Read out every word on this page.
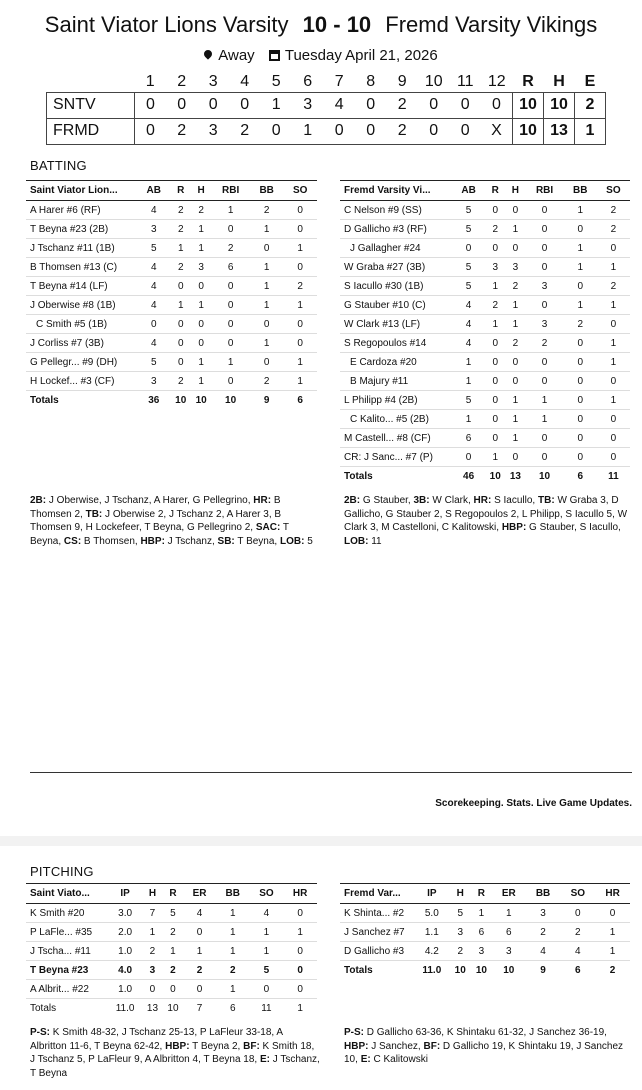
Saint Viator Lions Varsity 10 - 10 Fremd Varsity Vikings
Away Tuesday April 21, 2026
	1	2	3	4	5	6	7	8	9	10	11	12	R	H	E
SNTV	0	0	0	0	1	3	4	0	2	0	0	0	10	10	2
FRMD	0	2	3	2	0	1	0	0	2	0	0	X	10	13	1
BATTING
Saint Viator Lion...	AB	R	H	RBI	BB	SO
A Harer #6 (RF)	4	2	2	1	2	0
T Beyna #23 (2B)	3	2	1	0	1	0
J Tschanz #11 (1B)	5	1	1	2	0	1
B Thomsen #13 (C)	4	2	3	6	1	0
T Beyna #14 (LF)	4	0	0	0	1	2
J Oberwise #8 (1B)	4	1	1	0	1	1
C Smith #5 (1B)	0	0	0	0	0	0
J Corliss #7 (3B)	4	0	0	0	1	0
G Pellegr... #9 (DH)	5	0	1	1	0	1
H Lockef... #3 (CF)	3	2	1	0	2	1
Totals	36	10	10	10	9	6
Fremd Varsity Vi...	AB	R	H	RBI	BB	SO
C Nelson #9 (SS)	5	0	0	0	1	2
D Gallicho #3 (RF)	5	2	1	0	0	2
J Gallagher #24	0	0	0	0	1	0
W Graba #27 (3B)	5	3	3	0	1	1
S Iacullo #30 (1B)	5	1	2	3	0	2
G Stauber #10 (C)	4	2	1	0	1	1
W Clark #13 (LF)	4	1	1	3	2	0
S Regopoulos #14	4	0	2	2	0	1
E Cardoza #20	1	0	0	0	0	1
B Majury #11	1	0	0	0	0	0
L Philipp #4 (2B)	5	0	1	1	0	1
C Kalito... #5 (2B)	1	0	1	1	0	0
M Castell... #8 (CF)	6	0	1	0	0	0
CR: J Sanc... #7 (P)	0	1	0	0	0	0
Totals	46	10	13	10	6	11
2B: J Oberwise, J Tschanz, A Harer, G Pellegrino, HR: B Thomsen 2, TB: J Oberwise 2, J Tschanz 2, A Harer 3, B Thomsen 9, H Lockefeer, T Beyna, G Pellegrino 2, SAC: T Beyna, CS: B Thomsen, HBP: J Tschanz, SB: T Beyna, LOB: 5
2B: G Stauber, 3B: W Clark, HR: S Iacullo, TB: W Graba 3, D Gallicho, G Stauber 2, S Regopoulos 2, L Philipp, S Iacullo 5, W Clark 3, M Castelloni, C Kalitowski, HBP: G Stauber, S Iacullo, LOB: 11
Scorekeeping. Stats. Live Game Updates.
PITCHING
Saint Viato...	IP	H	R	ER	BB	SO	HR
K Smith #20	3.0	7	5	4	1	4	0
P LaFle... #35	2.0	1	2	0	1	1	1
J Tscha... #11	1.0	2	1	1	1	1	0
T Beyna #23	4.0	3	2	2	2	5	0
A Albrit... #22	1.0	0	0	0	1	0	0
Totals	11.0	13	10	7	6	11	1
Fremd Var...	IP	H	R	ER	BB	SO	HR
K Shinta... #2	5.0	5	1	1	3	0	0
J Sanchez #7	1.1	3	6	6	2	2	1
D Gallicho #3	4.2	2	3	3	4	4	1
Totals	11.0	10	10	10	9	6	2
P-S: K Smith 48-32, J Tschanz 25-13, P LaFleur 33-18, A Albritton 11-6, T Beyna 62-42, HBP: T Beyna 2, BF: K Smith 18, J Tschanz 5, P LaFleur 9, A Albritton 4, T Beyna 18, E: J Tschanz, T Beyna
P-S: D Gallicho 63-36, K Shintaku 61-32, J Sanchez 36-19, HBP: J Sanchez, BF: D Gallicho 19, K Shintaku 19, J Sanchez 10, E: C Kalitowski
